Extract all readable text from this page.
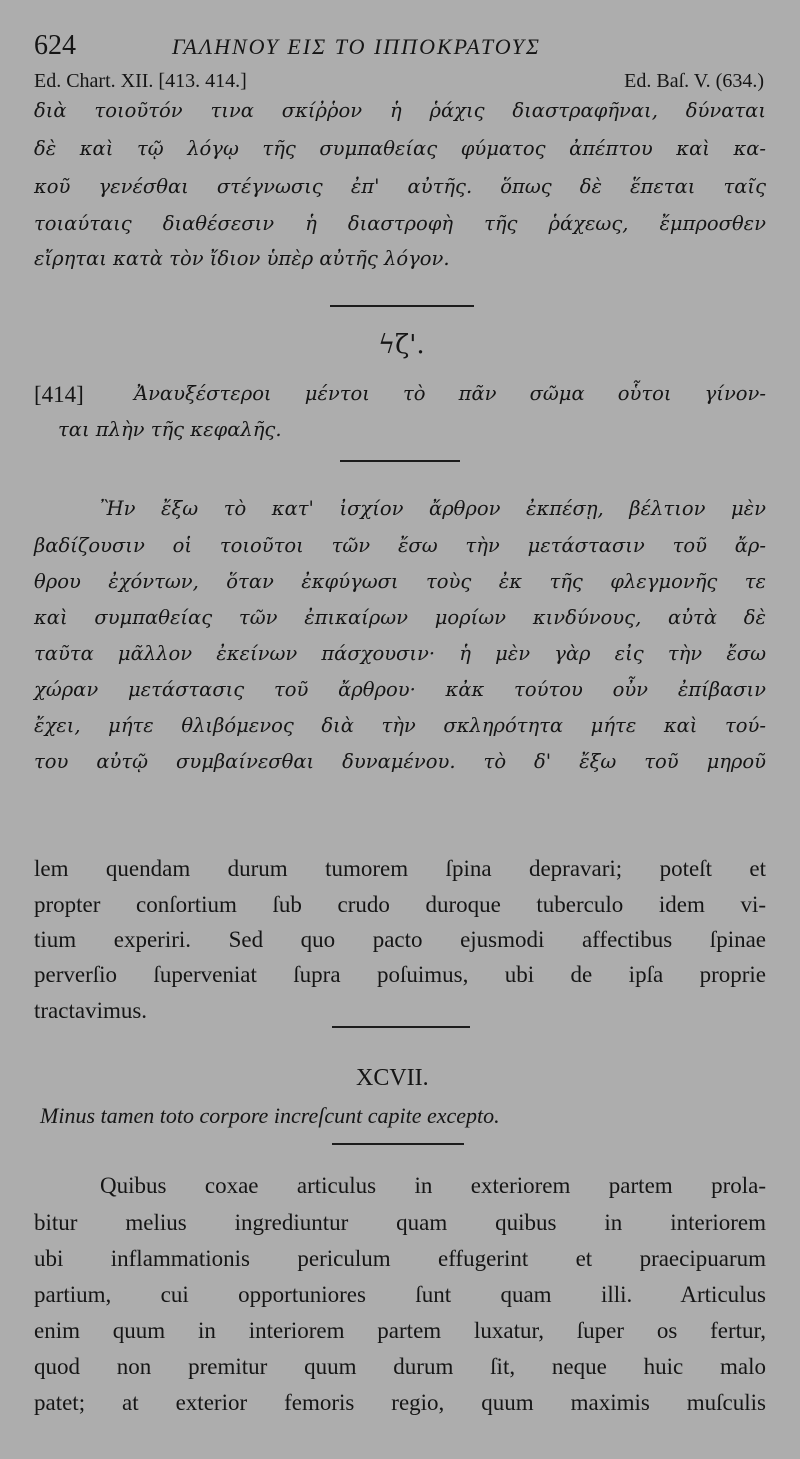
624	ΓΑΛΗΝΟΥ ΕΙΣ ΤΟ ΙΠΠΟΚΡΑΤΟΥΣ
Ed. Chart. XII. [413. 414.]	Ed. Baſ. V. (634.)
διὰ τοιοῦτόν τινα σκίῤῥον ἡ ῥάχις διαστραφῆναι, δύναται
δὲ καὶ τῷ λόγῳ τῆς συμπαθείας φύματος ἀπέπτου καὶ κα-
κοῦ γενέσθαι στέγνωσις ἐπ' αὐτῆς. ὅπως δὲ ἕπεται ταῖς
τοιαύταις διαθέσεσιν ἡ διαστροφὴ τῆς ῥάχεως, ἔμπροσθεν
εἴρηται κατὰ τὸν ἴδιον ὑπὲρ αὐτῆς λόγον.
ϟζ'.
[414]	Ἀναυξέστεροι μέντοι τὸ πᾶν σῶμα οὗτοι γίνον-
ται πλὴν τῆς κεφαλῆς.
Ἢν ἔξω τὸ κατ' ἰσχίον ἄρθρον ἐκπέσῃ, βέλτιον μὲν
βαδίζουσιν οἱ τοιοῦτοι τῶν ἔσω τὴν μετάστασιν τοῦ ἄρ-
θρου ἐχόντων, ὅταν ἐκφύγωσι τοὺς ἐκ τῆς φλεγμονῆς τε
καὶ συμπαθείας τῶν ἐπικαίρων μορίων κινδύνους, αὐτὰ δὲ
ταῦτα μᾶλλον ἐκείνων πάσχουσιν· ἡ μὲν γὰρ εἰς τὴν ἔσω
χώραν μετάστασις τοῦ ἄρθρου· κἀκ τούτου οὖν ἐπίβασιν
ἔχει, μήτε θλιβόμενος διὰ τὴν σκληρότητα μήτε καὶ τού-
του αὐτῷ συμβαίνεσθαι δυναμένου. τὸ δ' ἔξω τοῦ μηροῦ
lem quendam durum tumorem ſpina depravari; poteſt et
propter conſortium ſub crudo duroque tuberculo idem vi-
tium experiri. Sed quo pacto ejusmodi affectibus ſpinae
perverſio ſuperveniat ſupra poſuimus, ubi de ipſa proprie
tractavimus.
XCVII.
Minus tamen toto corpore increſcunt capite excepto.
Quibus coxae articulus in exteriorem partem prola-
bitur melius ingrediuntur quam quibus in interiorem
ubi inflammationis periculum effugerint et praecipuarum
partium, cui opportuniores ſunt quam illi. Articulus
enim quum in interiorem partem luxatur, ſuper os fertur,
quod non premitur quum durum ſit, neque huic malo
patet; at exterior femoris regio, quum maximis muſculis
